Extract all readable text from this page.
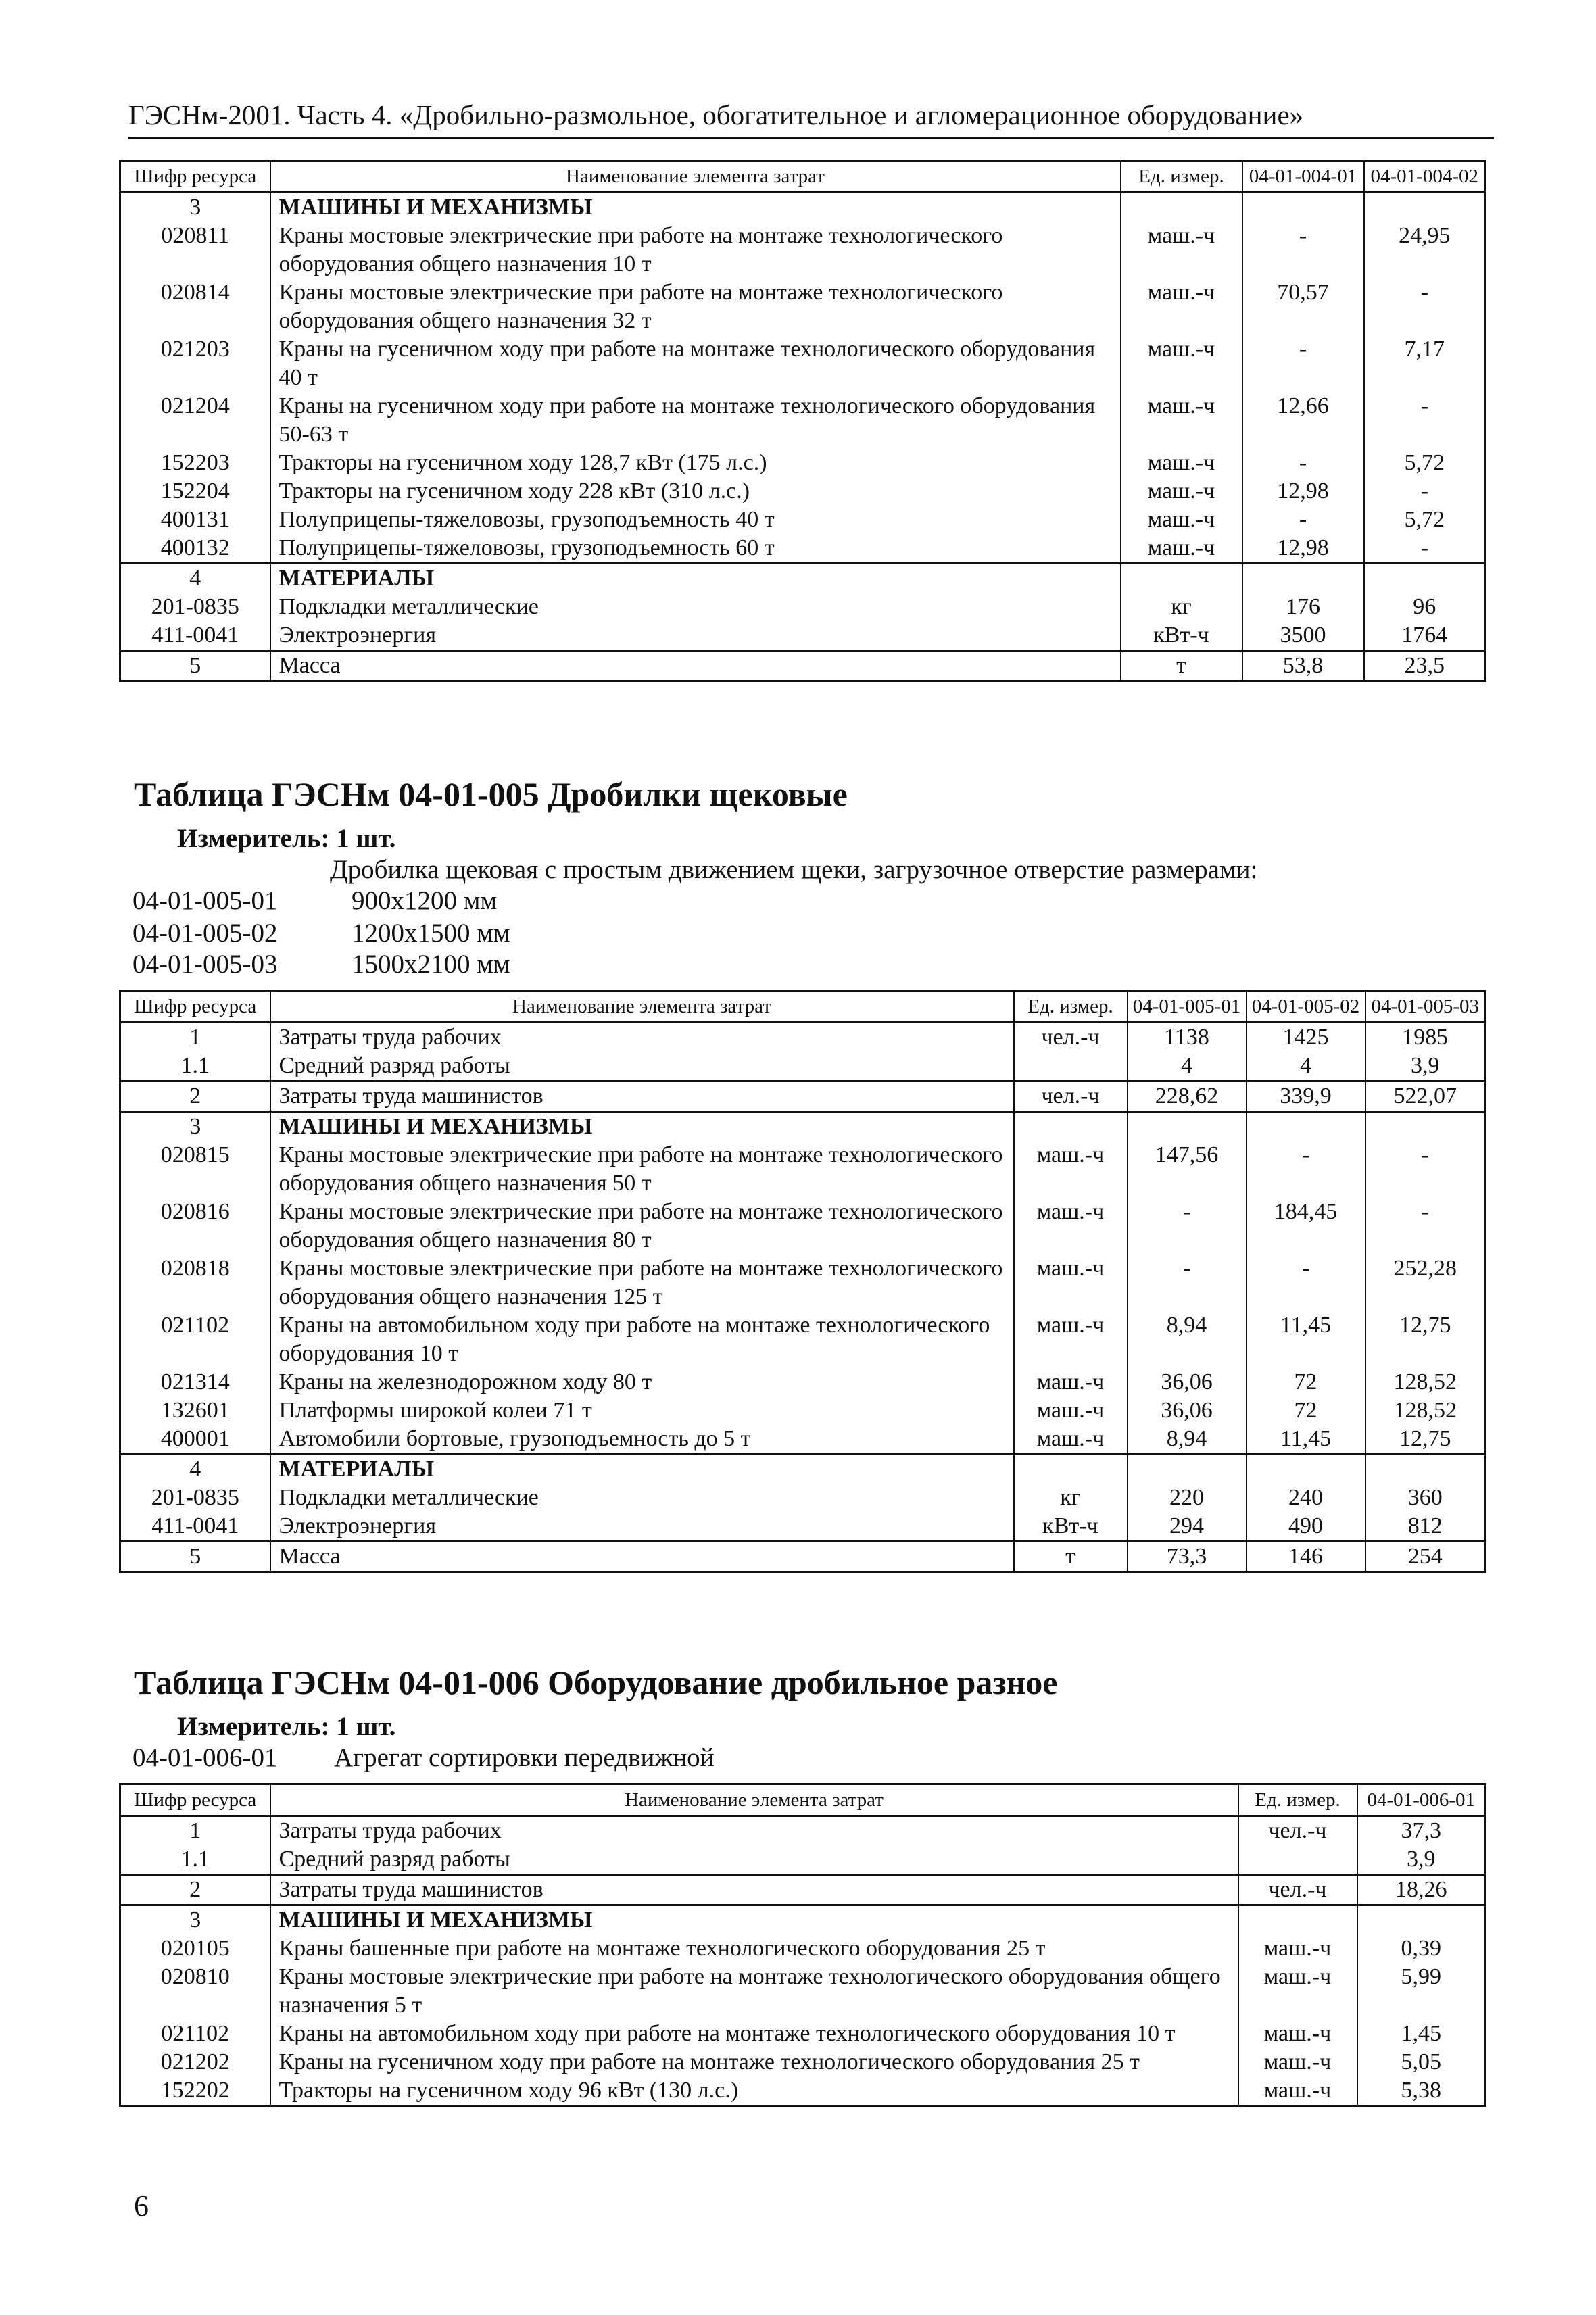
ГЭСНм-2001. Часть 4. «Дробильно-размольное, обогатительное и агломерационное оборудование»
Шифр ресурса	Наименование элемента затрат	Ед. измер.	04-01-004-01	04-01-004-02
3	МАШИНЫ И МЕХАНИЗМЫ			
020811	Краны мостовые электрические при работе на монтаже технологического оборудования общего назначения 10 т	маш.-ч	-	24,95
020814	Краны мостовые электрические при работе на монтаже технологического оборудования общего назначения 32 т	маш.-ч	70,57	-
021203	Краны на гусеничном ходу при работе на монтаже технологического оборудования 40 т	маш.-ч	-	7,17
021204	Краны на гусеничном ходу при работе на монтаже технологического оборудования 50-63 т	маш.-ч	12,66	-
152203	Тракторы на гусеничном ходу 128,7 кВт (175 л.с.)	маш.-ч	-	5,72
152204	Тракторы на гусеничном ходу 228 кВт (310 л.с.)	маш.-ч	12,98	-
400131	Полуприцепы-тяжеловозы, грузоподъемность 40 т	маш.-ч	-	5,72
400132	Полуприцепы-тяжеловозы, грузоподъемность 60 т	маш.-ч	12,98	-
4	МАТЕРИАЛЫ			
201-0835	Подкладки металлические	кг	176	96
411-0041	Электроэнергия	кВт-ч	3500	1764
5	Масса	т	53,8	23,5
Таблица ГЭСНм 04-01-005 Дробилки щековые
Измеритель: 1 шт.
Дробилка щековая с простым движением щеки, загрузочное отверстие размерами:
04-01-005-01	900x1200 мм
04-01-005-02	1200x1500 мм
04-01-005-03	1500x2100 мм
Шифр ресурса	Наименование элемента затрат	Ед. измер.	04-01-005-01	04-01-005-02	04-01-005-03
1	Затраты труда рабочих	чел.-ч	1138	1425	1985
1.1	Средний разряд работы		4	4	3,9
2	Затраты труда машинистов	чел.-ч	228,62	339,9	522,07
3	МАШИНЫ И МЕХАНИЗМЫ				
020815	Краны мостовые электрические при работе на монтаже технологического оборудования общего назначения 50 т	маш.-ч	147,56	-	-
020816	Краны мостовые электрические при работе на монтаже технологического оборудования общего назначения 80 т	маш.-ч	-	184,45	-
020818	Краны мостовые электрические при работе на монтаже технологического оборудования общего назначения 125 т	маш.-ч	-	-	252,28
021102	Краны на автомобильном ходу при работе на монтаже технологического оборудования 10 т	маш.-ч	8,94	11,45	12,75
021314	Краны на железнодорожном ходу 80 т	маш.-ч	36,06	72	128,52
132601	Платформы широкой колеи 71 т	маш.-ч	36,06	72	128,52
400001	Автомобили бортовые, грузоподъемность до 5 т	маш.-ч	8,94	11,45	12,75
4	МАТЕРИАЛЫ				
201-0835	Подкладки металлические	кг	220	240	360
411-0041	Электроэнергия	кВт-ч	294	490	812
5	Масса	т	73,3	146	254
Таблица ГЭСНм 04-01-006 Оборудование дробильное разное
Измеритель: 1 шт.
04-01-006-01 Агрегат сортировки передвижной
Шифр ресурса	Наименование элемента затрат	Ед. измер.	04-01-006-01
1	Затраты труда рабочих	чел.-ч	37,3
1.1	Средний разряд работы		3,9
2	Затраты труда машинистов	чел.-ч	18,26
3	МАШИНЫ И МЕХАНИЗМЫ		
020105	Краны башенные при работе на монтаже технологического оборудования 25 т	маш.-ч	0,39
020810	Краны мостовые электрические при работе на монтаже технологического оборудования общего назначения 5 т	маш.-ч	5,99
021102	Краны на автомобильном ходу при работе на монтаже технологического оборудования 10 т	маш.-ч	1,45
021202	Краны на гусеничном ходу при работе на монтаже технологического оборудования 25 т	маш.-ч	5,05
152202	Тракторы на гусеничном ходу 96 кВт (130 л.с.)	маш.-ч	5,38
6
